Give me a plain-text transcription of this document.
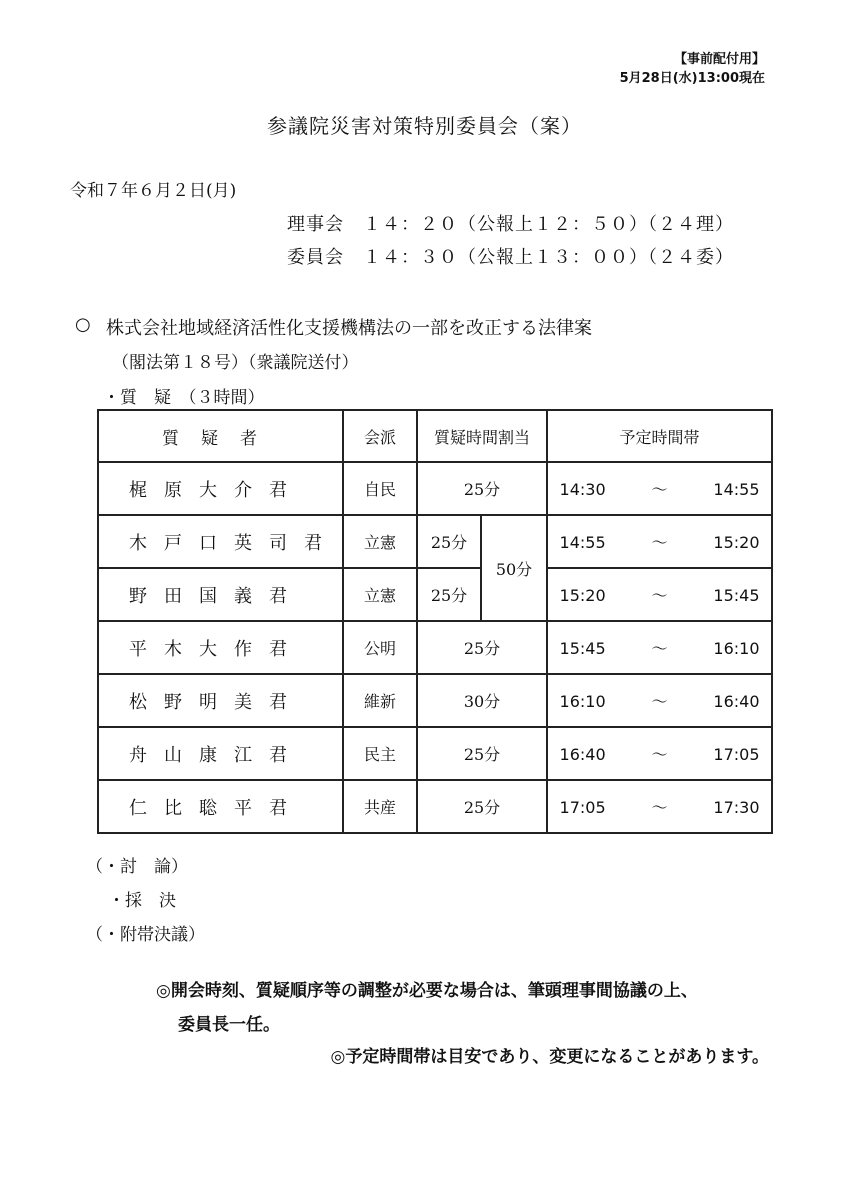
【事前配付用】
5月28日(水)13:00現在
参議院災害対策特別委員会（案）
令和７年６月２日(月)
理事会　１４：２０（公報上１２：５０）（２４理）
委員会　１４：３０（公報上１３：００）（２４委）
○ 株式会社地域経済活性化支援機構法の一部を改正する法律案
（閣法第１８号）（衆議院送付）
・質　疑　（３時間）
質疑者	会派	質疑時間割当		予定時間帯
梶原大介君	自民	25分		14:30 ～ 14:55
木戸口英司君	立憲	25分	50分	14:55 ～ 15:20
野田国義君	立憲	25分		15:20 ～ 15:45
平木大作君	公明	25分		15:45 ～ 16:10
松野明美君	維新	30分		16:10 ～ 16:40
舟山康江君	民主	25分		16:40 ～ 17:05
仁比聡平君	共産	25分		17:05 ～ 17:30
（・討　論）
・採　決
（・附帯決議）
◎開会時刻、質疑順序等の調整が必要な場合は、筆頭理事間協議の上、
委員長一任。
◎予定時間帯は目安であり、変更になることがあります。
